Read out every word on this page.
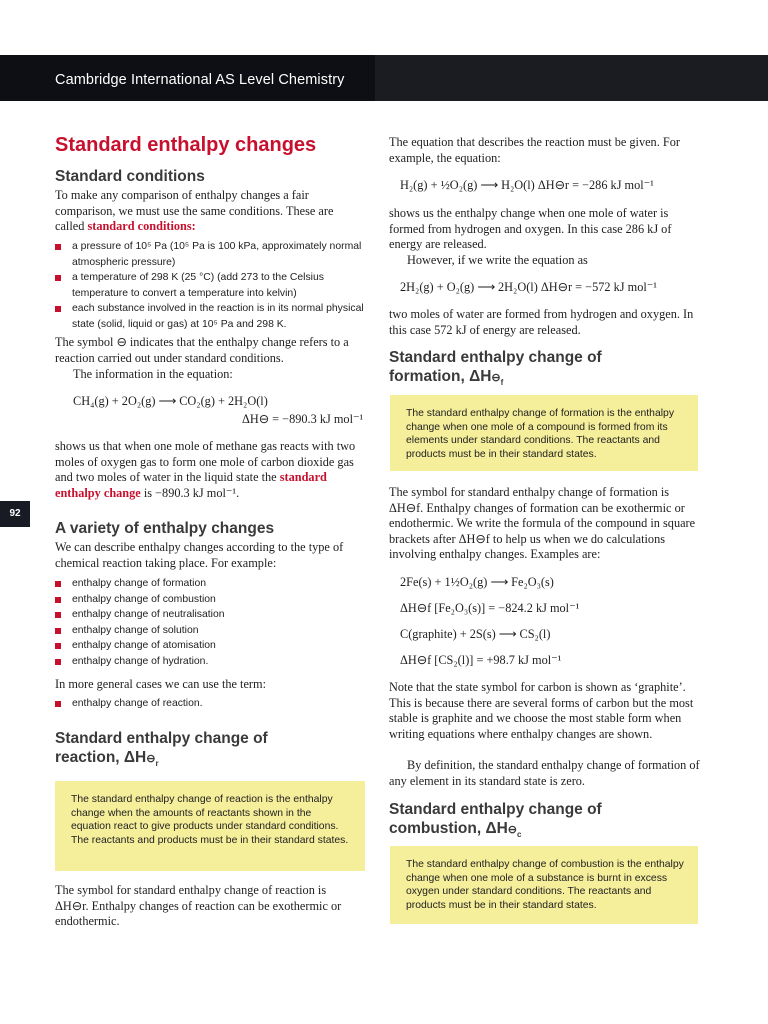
Cambridge International AS Level Chemistry
92
Standard enthalpy changes
Standard conditions

To make any comparison of enthalpy changes a fair comparison, we must use the same conditions. These are called standard conditions:

a pressure of 10⁵ Pa (10⁵ Pa is 100 kPa, approximately normal atmospheric pressure)
a temperature of 298 K (25 °C) (add 273 to the Celsius temperature to convert a temperature into kelvin)
each substance involved in the reaction is in its normal physical state (solid, liquid or gas) at 10⁵ Pa and 298 K.

The symbol ⊖ indicates that the enthalpy change refers to a reaction carried out under standard conditions.

The information in the equation:

CH₄(g) + 2O₂(g) ⟶ CO₂(g) + 2H₂O(l)
ΔH⊖ = −890.3 kJ mol⁻¹

shows us that when one mole of methane gas reacts with two moles of oxygen gas to form one mole of carbon dioxide gas and two moles of water in the liquid state the standard enthalpy change is −890.3 kJ mol⁻¹.

A variety of enthalpy changes

We can describe enthalpy changes according to the type of chemical reaction taking place. For example:

enthalpy change of formation
enthalpy change of combustion
enthalpy change of neutralisation
enthalpy change of solution
enthalpy change of atomisation
enthalpy change of hydration.

In more general cases we can use the term:

enthalpy change of reaction.
Standard enthalpy change of
reaction, $\Delta H⊖_r$

The standard enthalpy change of reaction is the enthalpy change when the amounts of reactants shown in the equation react to give products under standard conditions. The reactants and products must be in their standard states.

The symbol for standard enthalpy change of reaction is ΔH⊖r. Enthalpy changes of reaction can be exothermic or endothermic.

The equation that describes the reaction must be given. For example, the equation:

H₂(g) + ½O₂(g) ⟶ H₂O(l) ΔH⊖r = −286 kJ mol⁻¹

shows us the enthalpy change when one mole of water is formed from hydrogen and oxygen. In this case 286 kJ of energy are released.

However, if we write the equation as

2H₂(g) + O₂(g) ⟶ 2H₂O(l) ΔH⊖r = −572 kJ mol⁻¹

two moles of water are formed from hydrogen and oxygen. In this case 572 kJ of energy are released.

Standard enthalpy change of
formation, $\Delta H⊖_f$

The standard enthalpy change of formation is the enthalpy change when one mole of a compound is formed from its elements under standard conditions. The reactants and products must be in their standard states.

The symbol for standard enthalpy change of formation is ΔH⊖f. Enthalpy changes of formation can be exothermic or endothermic. We write the formula of the compound in square brackets after ΔH⊖f to help us when we do calculations involving enthalpy changes. Examples are:

2Fe(s) + 1½O₂(g) ⟶ Fe₂O₃(s)
ΔH⊖f [Fe₂O₃(s)] = −824.2 kJ mol⁻¹
C(graphite) + 2S(s) ⟶ CS₂(l)
ΔH⊖f [CS₂(l)] = +98.7 kJ mol⁻¹

Note that the state symbol for carbon is shown as ‘graphite’. This is because there are several forms of carbon but the most stable is graphite and we choose the most stable form when writing equations where enthalpy changes are shown.

By definition, the standard enthalpy change of formation of any element in its standard state is zero.

Standard enthalpy change of
combustion, $\Delta H⊖_c$

The standard enthalpy change of combustion is the enthalpy change when one mole of a substance is burnt in excess oxygen under standard conditions. The reactants and products must be in their standard states.
